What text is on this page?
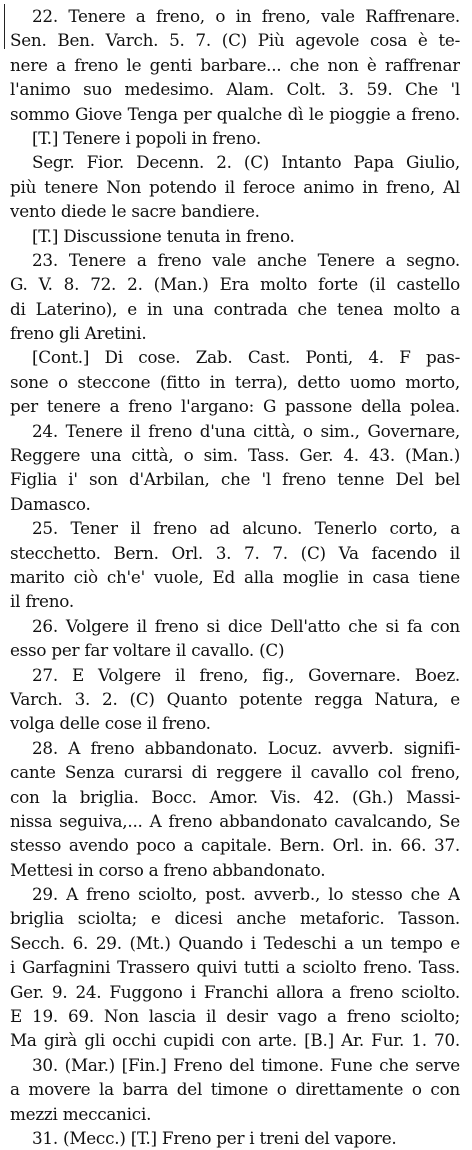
22. Tenere a freno, o in freno, vale Raffrenare.
Sen. Ben. Varch. 5. 7. (C) Più agevole cosa è te-
nere a freno le genti barbare... che non è raffrenar
l'animo suo medesimo. Alam. Colt. 3. 59. Che 'l
sommo Giove Tenga per qualche dì le pioggie a freno.
[T.] Tenere i popoli in freno.
Segr. Fior. Decenn. 2. (C) Intanto Papa Giulio,
più tenere Non potendo il feroce animo in freno, Al
vento diede le sacre bandiere.
[T.] Discussione tenuta in freno.
23. Tenere a freno vale anche Tenere a segno.
G. V. 8. 72. 2. (Man.) Era molto forte (il castello
di Laterino), e in una contrada che tenea molto a
freno gli Aretini.
[Cont.] Di cose. Zab. Cast. Ponti, 4. F pas-
sone o steccone (fitto in terra), detto uomo morto,
per tenere a freno l'argano: G passone della polea.
24. Tenere il freno d'una città, o sim., Governare,
Reggere una città, o sim. Tass. Ger. 4. 43. (Man.)
Figlia i' son d'Arbilan, che 'l freno tenne Del bel
Damasco.
25. Tener il freno ad alcuno. Tenerlo corto, a
stecchetto. Bern. Orl. 3. 7. 7. (C) Va facendo il
marito ciò ch'e' vuole, Ed alla moglie in casa tiene
il freno.
26. Volgere il freno si dice Dell'atto che si fa con
esso per far voltare il cavallo. (C)
27. E Volgere il freno, fig., Governare. Boez.
Varch. 3. 2. (C) Quanto potente regga Natura, e
volga delle cose il freno.
28. A freno abbandonato. Locuz. avverb. signifi-
cante Senza curarsi di reggere il cavallo col freno,
con la briglia. Bocc. Amor. Vis. 42. (Gh.) Massi-
nissa seguiva,... A freno abbandonato cavalcando, Se
stesso avendo poco a capitale. Bern. Orl. in. 66. 37.
Mettesi in corso a freno abbandonato.
29. A freno sciolto, post. avverb., lo stesso che A
briglia sciolta; e dicesi anche metaforic. Tasson.
Secch. 6. 29. (Mt.) Quando i Tedeschi a un tempo e
i Garfagnini Trassero quivi tutti a sciolto freno. Tass.
Ger. 9. 24. Fuggono i Franchi allora a freno sciolto.
E 19. 69. Non lascia il desir vago a freno sciolto;
Ma girà gli occhi cupidi con arte. [B.] Ar. Fur. 1. 70.
30. (Mar.) [Fin.] Freno del timone. Fune che serve
a movere la barra del timone o direttamente o con
mezzi meccanici.
31. (Mecc.) [T.] Freno per i treni del vapore.
